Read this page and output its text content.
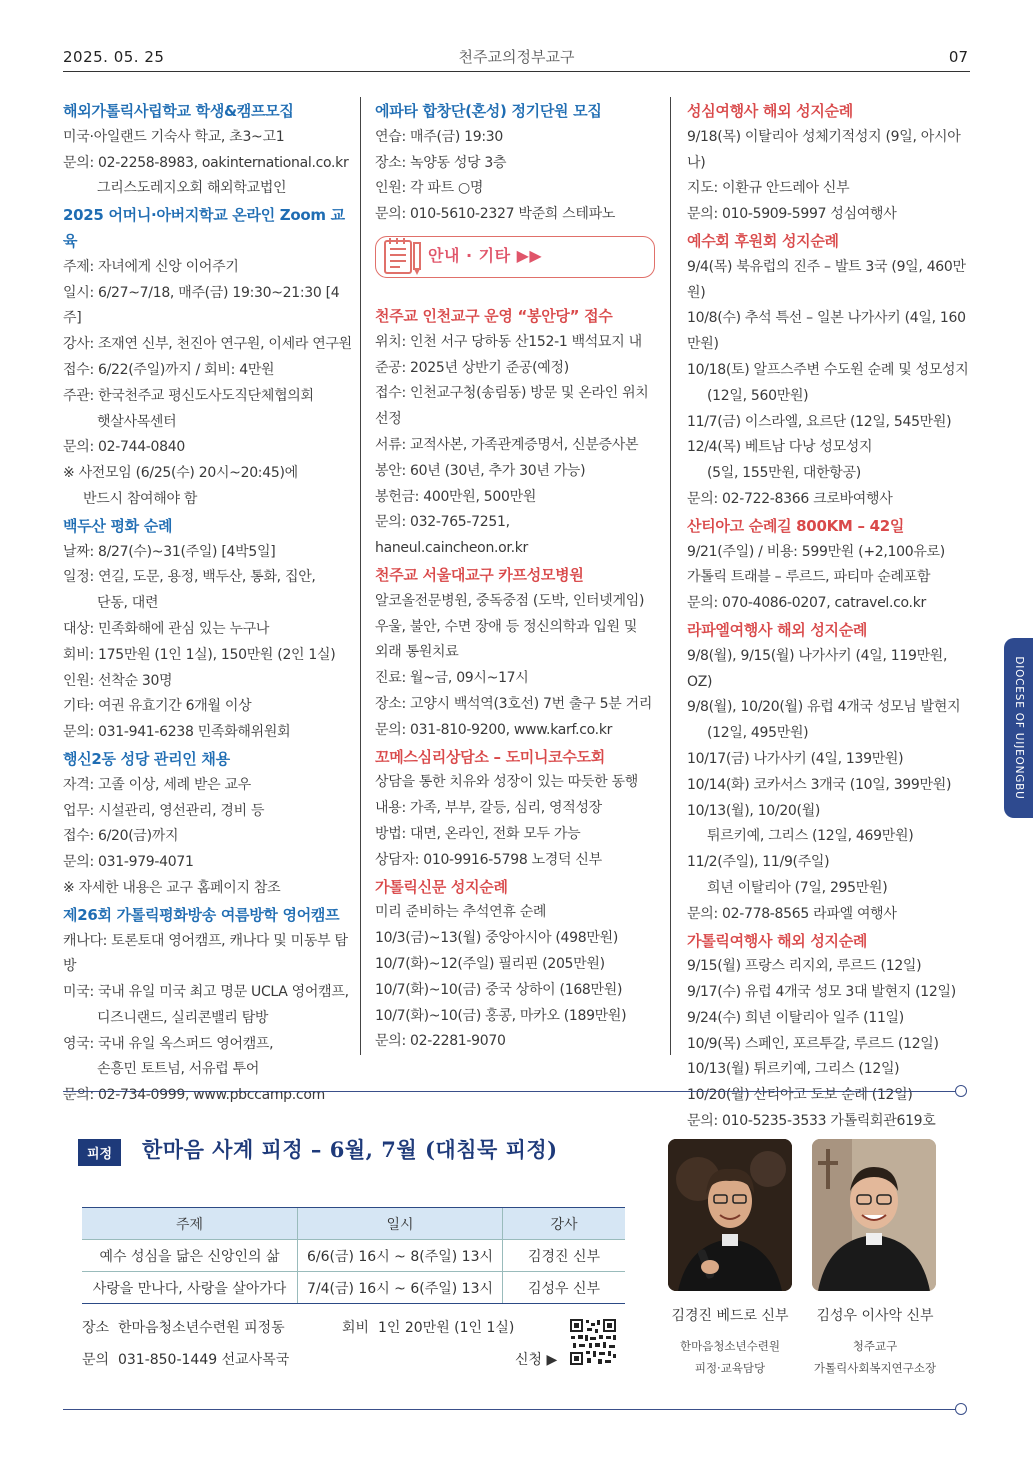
2025. 05. 25	천주교의정부교구	07
해외가톨릭사립학교 학생&캠프모집
미국·아일랜드 기숙사 학교, 초3~고1
문의: 02-2258-8983, oakinternational.co.kr
그리스도레지오회 해외학교법인
2025 어머니·아버지학교 온라인 Zoom 교육
주제: 자녀에게 신앙 이어주기
일시: 6/27~7/18, 매주(금) 19:30~21:30 [4주]
강사: 조재연 신부, 천진아 연구원, 이세라 연구원
접수: 6/22(주일)까지 / 회비: 4만원
주관: 한국천주교 평신도사도직단체협의회
햇살사목센터
문의: 02-744-0840
※ 사전모임 (6/25(수) 20시~20:45)에
반드시 참여해야 함
백두산 평화 순례
날짜: 8/27(수)~31(주일) [4박5일]
일정: 연길, 도문, 용정, 백두산, 통화, 집안,
단동, 대련
대상: 민족화해에 관심 있는 누구나
회비: 175만원 (1인 1실), 150만원 (2인 1실)
인원: 선착순 30명
기타: 여권 유효기간 6개월 이상
문의: 031-941-6238 민족화해위원회
행신2동 성당 관리인 채용
자격: 고졸 이상, 세례 받은 교우
업무: 시설관리, 영선관리, 경비 등
접수: 6/20(금)까지
문의: 031-979-4071
※ 자세한 내용은 교구 홈페이지 참조
제26회 가톨릭평화방송 여름방학 영어캠프
캐나다: 토론토대 영어캠프, 캐나다 및 미동부 탐방
미국: 국내 유일 미국 최고 명문 UCLA 영어캠프,
디즈니랜드, 실리콘밸리 탐방
영국: 국내 유일 옥스퍼드 영어캠프,
손흥민 토트넘, 서유럽 투어
문의: 02-734-0999, www.pbccamp.com
에파타 합창단(혼성) 정기단원 모집
연습: 매주(금) 19:30
장소: 녹양동 성당 3층
인원: 각 파트 ○명
문의: 010-5610-2327 박준희 스테파노
안내 · 기타 ▶▶
천주교 인천교구 운영 “봉안당” 접수
위치: 인천 서구 당하동 산152-1 백석묘지 내
준공: 2025년 상반기 준공(예정)
접수: 인천교구청(송림동) 방문 및 온라인 위치 선정
서류: 교적사본, 가족관계증명서, 신분증사본
봉안: 60년 (30년, 추가 30년 가능)
봉헌금: 400만원, 500만원
문의: 032-765-7251, haneul.caincheon.or.kr
천주교 서울대교구 카프성모병원
알코올전문병원, 중독중점 (도박, 인터넷게임)
우울, 불안, 수면 장애 등 정신의학과 입원 및
외래 통원치료
진료: 월~금, 09시~17시
장소: 고양시 백석역(3호선) 7번 출구 5분 거리
문의: 031-810-9200, www.karf.co.kr
꼬메스심리상담소 – 도미니코수도회
상담을 통한 치유와 성장이 있는 따듯한 동행
내용: 가족, 부부, 갈등, 심리, 영적성장
방법: 대면, 온라인, 전화 모두 가능
상담자: 010-9916-5798 노경덕 신부
가톨릭신문 성지순례
미리 준비하는 추석연휴 순례
10/3(금)~13(월) 중앙아시아 (498만원)
10/7(화)~12(주일) 필리핀 (205만원)
10/7(화)~10(금) 중국 상하이 (168만원)
10/7(화)~10(금) 홍콩, 마카오 (189만원)
문의: 02-2281-9070
성심여행사 해외 성지순례
9/18(목) 이탈리아 성체기적성지 (9일, 아시아나)
지도: 이환규 안드레아 신부
문의: 010-5909-5997 성심여행사
예수회 후원회 성지순례
9/4(목) 북유럽의 진주 – 발트 3국 (9일, 460만원)
10/8(수) 추석 특선 – 일본 나가사키 (4일, 160만원)
10/18(토) 알프스주변 수도원 순례 및 성모성지
(12일, 560만원)
11/7(금) 이스라엘, 요르단 (12일, 545만원)
12/4(목) 베트남 다낭 성모성지
(5일, 155만원, 대한항공)
문의: 02-722-8366 크로바여행사
산티아고 순례길 800KM – 42일
9/21(주일) / 비용: 599만원 (+2,100유로)
가톨릭 트래블 – 루르드, 파티마 순례포함
문의: 070-4086-0207, catravel.co.kr
라파엘여행사 해외 성지순례
9/8(월), 9/15(월) 나가사키 (4일, 119만원, OZ)
9/8(월), 10/20(월) 유럽 4개국 성모님 발현지
(12일, 495만원)
10/17(금) 나가사키 (4일, 139만원)
10/14(화) 코카서스 3개국 (10일, 399만원)
10/13(월), 10/20(월)
튀르키예, 그리스 (12일, 469만원)
11/2(주일), 11/9(주일)
희년 이탈리아 (7일, 295만원)
문의: 02-778-8565 라파엘 여행사
가톨릭여행사 해외 성지순례
9/15(월) 프랑스 리지외, 루르드 (12일)
9/17(수) 유럽 4개국 성모 3대 발현지 (12일)
9/24(수) 희년 이탈리아 일주 (11일)
10/9(목) 스페인, 포르투갈, 루르드 (12일)
10/13(월) 튀르키예, 그리스 (12일)
10/20(월) 산티아고 도보 순례 (12일)
문의: 010-5235-3533 가톨릭회관619호
DIOCESE OF UIJEONGBU
피정	한마음 사계 피정 – 6월, 7월 (대침묵 피정)
주제	일시	강사
예수 성심을 닮은 신앙인의 삶	6/6(금) 16시 ~ 8(주일) 13시	김경진 신부
사랑을 만나다, 사랑을 살아가다	7/4(금) 16시 ~ 6(주일) 13시	김성우 신부
장소 한마음청소년수련원 피정동	회비 1인 20만원 (1인 1실)
문의 031-850-1449 선교사목국	신청 ▶
김경진 베드로 신부
한마음청소년수련원
피정·교육담당
김성우 이사악 신부
청주교구
가톨릭사회복지연구소장
